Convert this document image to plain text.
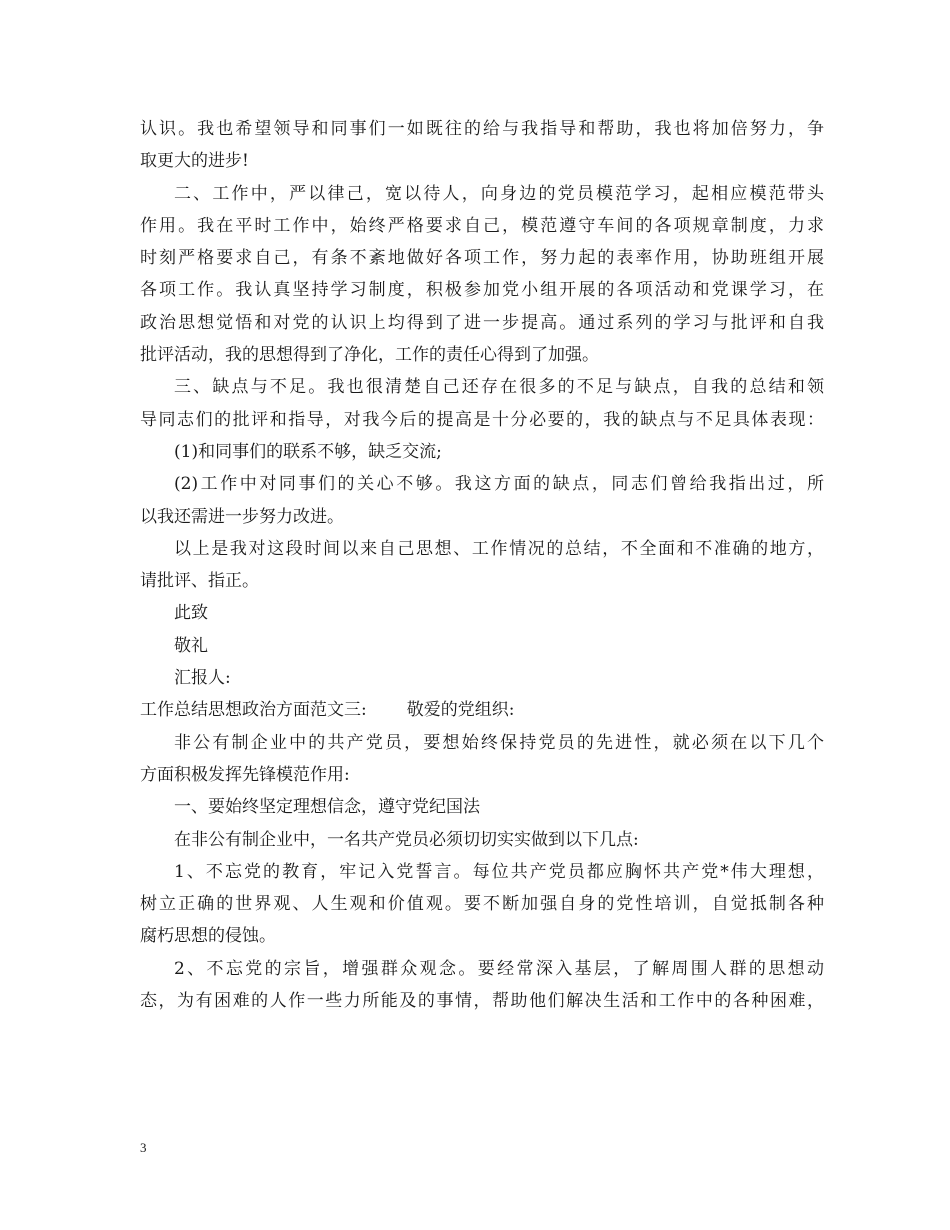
认识。我也希望领导和同事们一如既往的给与我指导和帮助，我也将加倍努力，争
取更大的进步!
二、工作中，严以律己，宽以待人，向身边的党员模范学习，起相应模范带头
作用。我在平时工作中，始终严格要求自己，模范遵守车间的各项规章制度，力求
时刻严格要求自己，有条不紊地做好各项工作，努力起的表率作用，协助班组开展
各项工作。我认真坚持学习制度，积极参加党小组开展的各项活动和党课学习，在
政治思想觉悟和对党的认识上均得到了进一步提高。通过系列的学习与批评和自我
批评活动，我的思想得到了净化，工作的责任心得到了加强。
三、缺点与不足。我也很清楚自己还存在很多的不足与缺点，自我的总结和领
导同志们的批评和指导，对我今后的提高是十分必要的，我的缺点与不足具体表现：
(1)和同事们的联系不够，缺乏交流;
(2)工作中对同事们的关心不够。我这方面的缺点，同志们曾给我指出过，所
以我还需进一步努力改进。
以上是我对这段时间以来自己思想、工作情况的总结，不全面和不准确的地方，
请批评、指正。
此致
敬礼
汇报人:
工作总结思想政治方面范文三: 敬爱的党组织:
非公有制企业中的共产党员，要想始终保持党员的先进性，就必须在以下几个
方面积极发挥先锋模范作用:
一、要始终坚定理想信念，遵守党纪国法
在非公有制企业中，一名共产党员必须切切实实做到以下几点:
1、不忘党的教育，牢记入党誓言。每位共产党员都应胸怀共产党*伟大理想，
树立正确的世界观、人生观和价值观。要不断加强自身的党性培训，自觉抵制各种
腐朽思想的侵蚀。
2、不忘党的宗旨，增强群众观念。要经常深入基层，了解周围人群的思想动
态，为有困难的人作一些力所能及的事情，帮助他们解决生活和工作中的各种困难，
3
